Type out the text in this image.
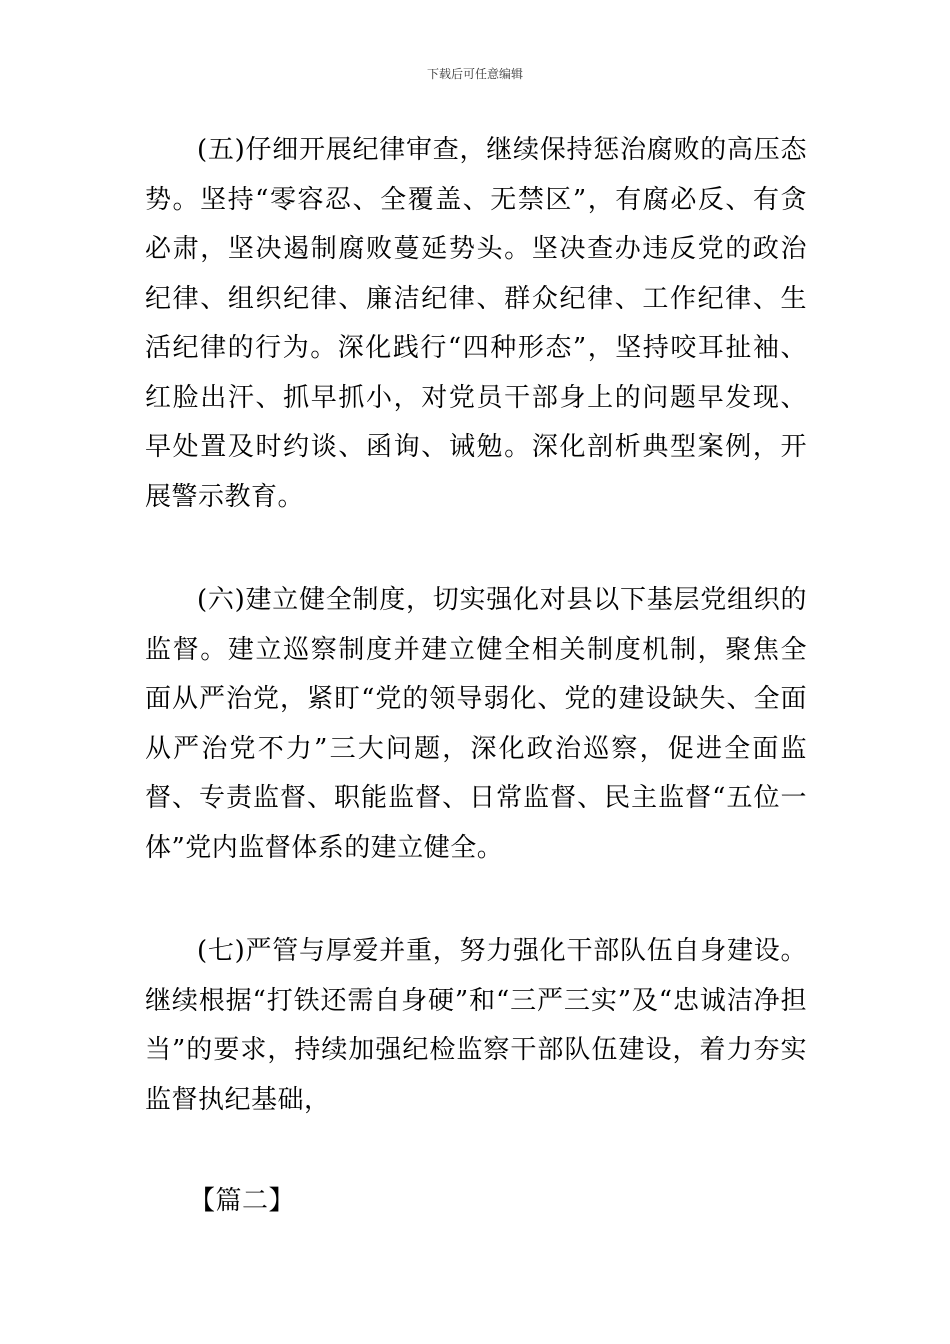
下载后可任意编辑

(五)仔细开展纪律审查，继续保持惩治腐败的高压态势。坚持“零容忍、全覆盖、无禁区”，有腐必反、有贪必肃，坚决遏制腐败蔓延势头。坚决查办违反党的政治纪律、组织纪律、廉洁纪律、群众纪律、工作纪律、生活纪律的行为。深化践行“四种形态”，坚持咬耳扯袖、红脸出汗、抓早抓小，对党员干部身上的问题早发现、早处置及时约谈、函询、诫勉。深化剖析典型案例，开展警示教育。

(六)建立健全制度，切实强化对县以下基层党组织的监督。建立巡察制度并建立健全相关制度机制，聚焦全面从严治党，紧盯“党的领导弱化、党的建设缺失、全面从严治党不力”三大问题，深化政治巡察，促进全面监督、专责监督、职能监督、日常监督、民主监督“五位一体”党内监督体系的建立健全。

(七)严管与厚爱并重，努力强化干部队伍自身建设。继续根据“打铁还需自身硬”和“三严三实”及“忠诚洁净担当”的要求，持续加强纪检监察干部队伍建设，着力夯实监督执纪基础，

【篇二】
